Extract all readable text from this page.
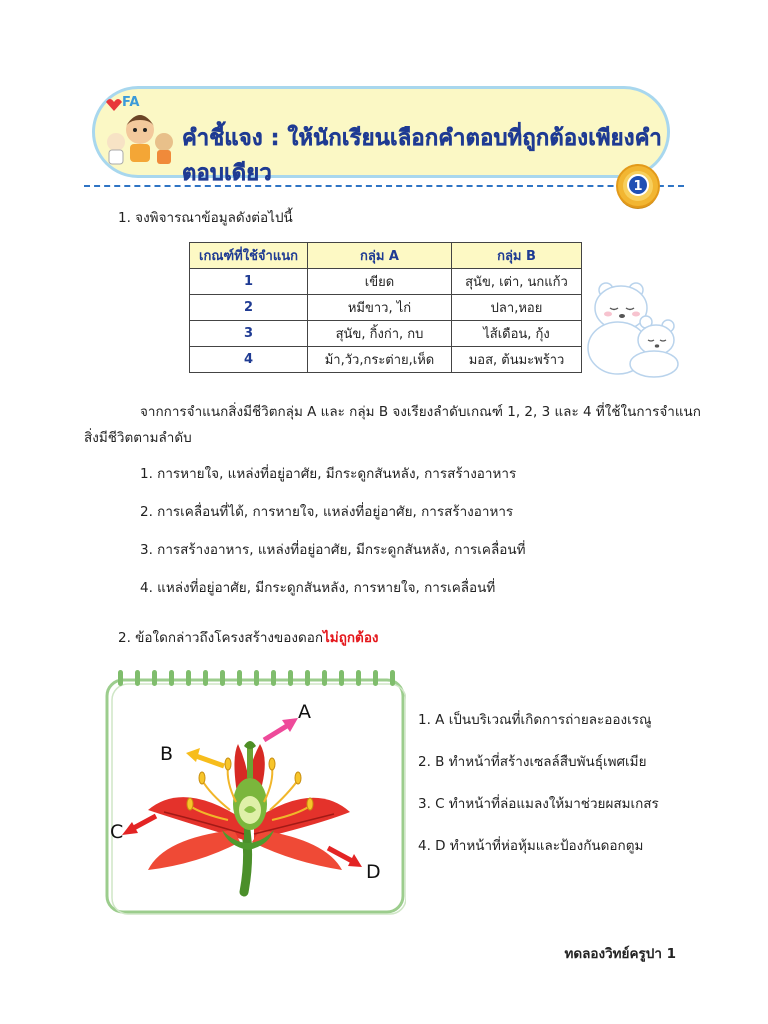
FA
คำชี้แจง : ให้นักเรียนเลือกคำตอบที่ถูกต้องเพียงคำตอบเดียว
1
1. จงพิจารณาข้อมูลดังต่อไปนี้
เกณฑ์ที่ใช้จำแนก	กลุ่ม A	กลุ่ม B
1	เขียด	สุนัข, เต่า, นกแก้ว
2	หมีขาว, ไก่	ปลา,หอย
3	สุนัข, กิ้งก่า, กบ	ไส้เดือน, กุ้ง
4	ม้า,วัว,กระต่าย,เห็ด	มอส, ต้นมะพร้าว
จากการจำแนกสิ่งมีชีวิตกลุ่ม A และ กลุ่ม B จงเรียงลำดับเกณฑ์ 1, 2, 3 และ 4 ที่ใช้ในการจำแนก
สิ่งมีชีวิตตามลำดับ
1. การหายใจ, แหล่งที่อยู่อาศัย, มีกระดูกสันหลัง, การสร้างอาหาร
2. การเคลื่อนที่ได้, การหายใจ, แหล่งที่อยู่อาศัย, การสร้างอาหาร
3. การสร้างอาหาร, แหล่งที่อยู่อาศัย, มีกระดูกสันหลัง, การเคลื่อนที่
4. แหล่งที่อยู่อาศัย, มีกระดูกสันหลัง, การหายใจ, การเคลื่อนที่
2. ข้อใดกล่าวถึงโครงสร้างของดอกไม่ถูกต้อง
A
B
C
D
1. A เป็นบริเวณที่เกิดการถ่ายละอองเรณู
2. B ทำหน้าที่สร้างเซลล์สืบพันธุ์เพศเมีย
3. C ทำหน้าที่ล่อแมลงให้มาช่วยผสมเกสร
4. D ทำหน้าที่ห่อหุ้มและป้องกันดอกตูม
ทดลองวิทย์ครูปา 1
